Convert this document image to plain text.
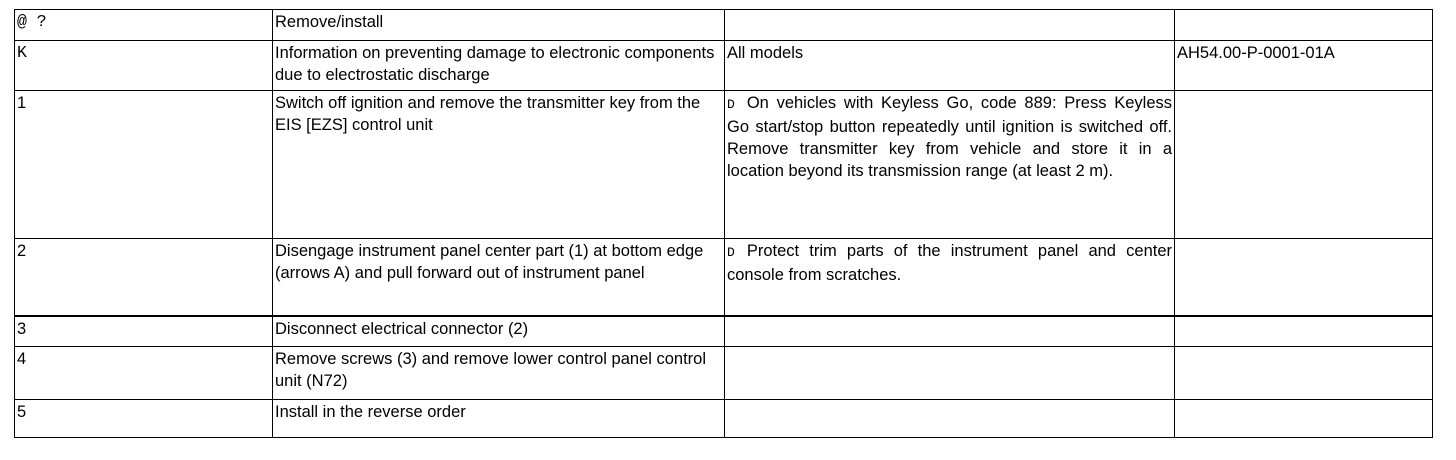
@ ?	Remove/install		
K	Information on preventing damage to electronic components due to electrostatic discharge	All models	AH54.00-P-0001-01A
1	Switch off ignition and remove the transmitter key from the EIS [EZS] control unit	D On vehicles with Keyless Go, code 889: Press Keyless Go start/stop button repeatedly until ignition is switched off. Remove transmitter key from vehicle and store it in a location beyond its transmission range (at least 2 m).	
2	Disengage instrument panel center part (1) at bottom edge (arrows A) and pull forward out of instrument panel	D Protect trim parts of the instrument panel and center console from scratches.	
3	Disconnect electrical connector (2)		
4	Remove screws (3) and remove lower control panel control unit (N72)		
5	Install in the reverse order		
